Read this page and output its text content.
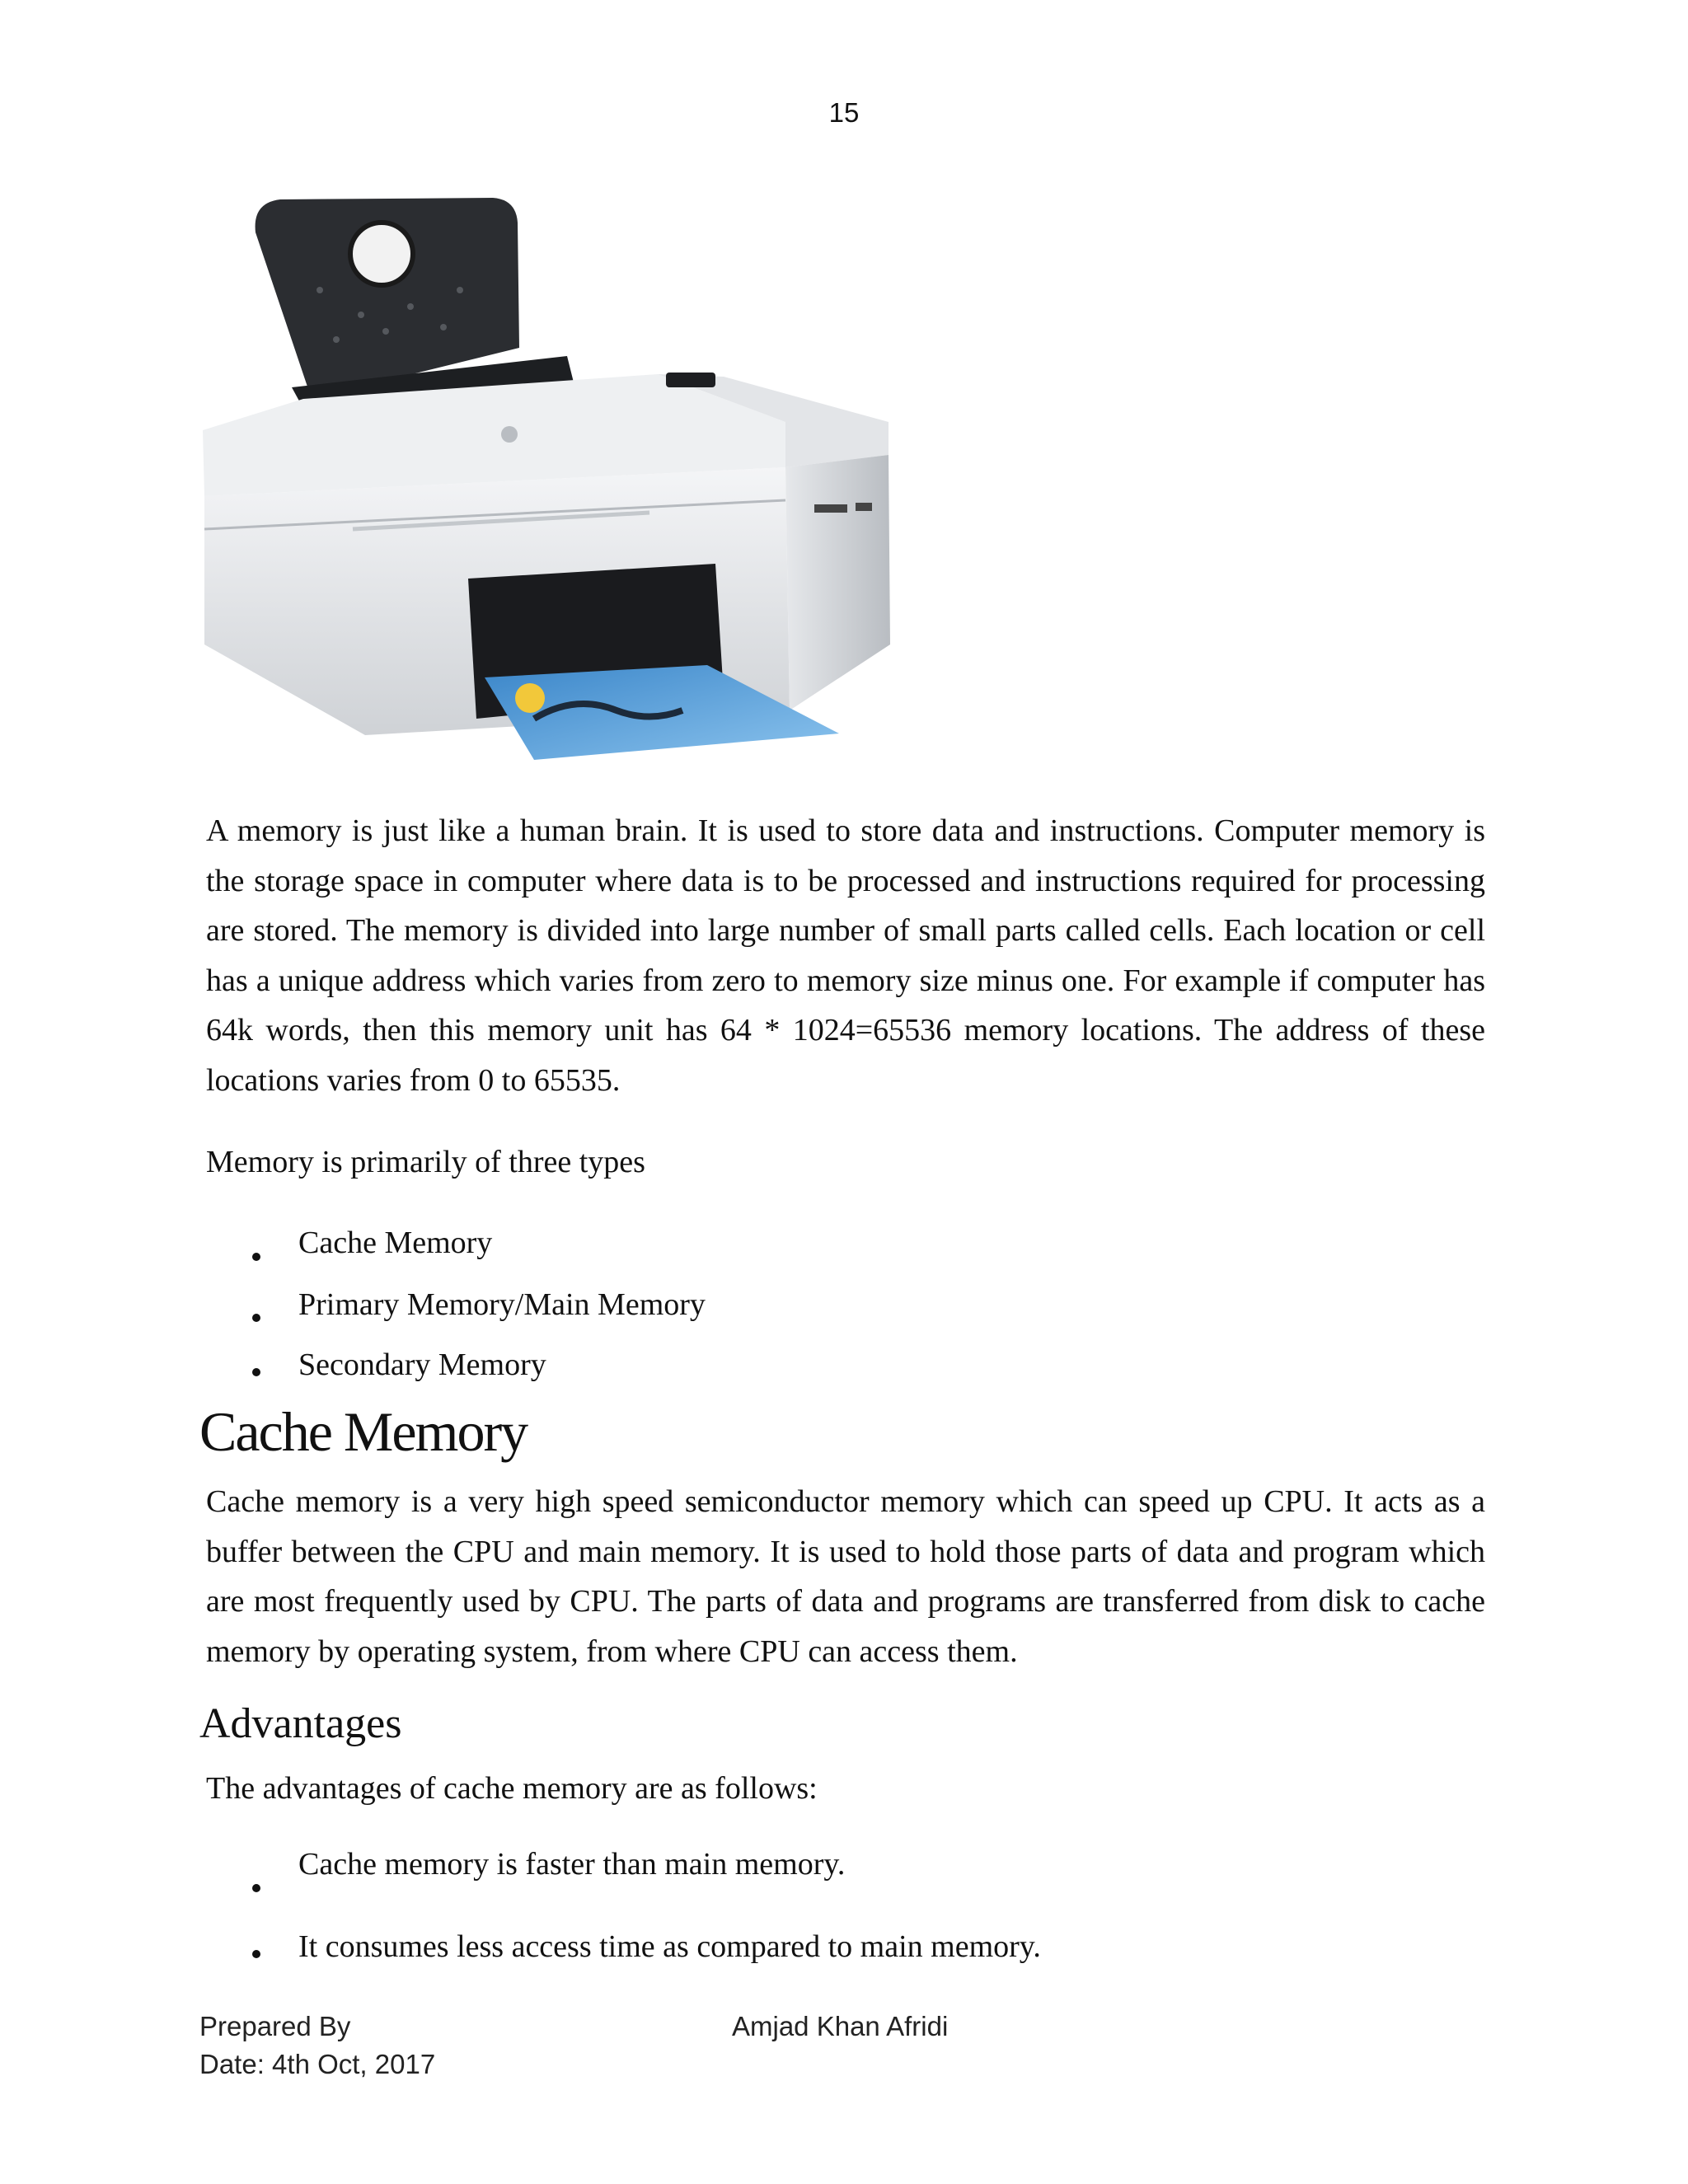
15

A memory is just like a human brain. It is used to store data and instructions. Computer memory is the storage space in computer where data is to be processed and instructions required for processing are stored. The memory is divided into large number of small parts called cells. Each location or cell has a unique address which varies from zero to memory size minus one. For example if computer has 64k words, then this memory unit has 64 * 1024=65536 memory locations. The address of these locations varies from 0 to 65535.

Memory is primarily of three types

Cache Memory
Primary Memory/Main Memory
Secondary Memory
Cache Memory

Cache memory is a very high speed semiconductor memory which can speed up CPU. It acts as a buffer between the CPU and main memory. It is used to hold those parts of data and program which are most frequently used by CPU. The parts of data and programs are transferred from disk to cache memory by operating system, from where CPU can access them.

Advantages

The advantages of cache memory are as follows:

Cache memory is faster than main memory.
It consumes less access time as compared to main memory.
Prepared By	Amjad Khan Afridi
Date: 4th Oct, 2017
